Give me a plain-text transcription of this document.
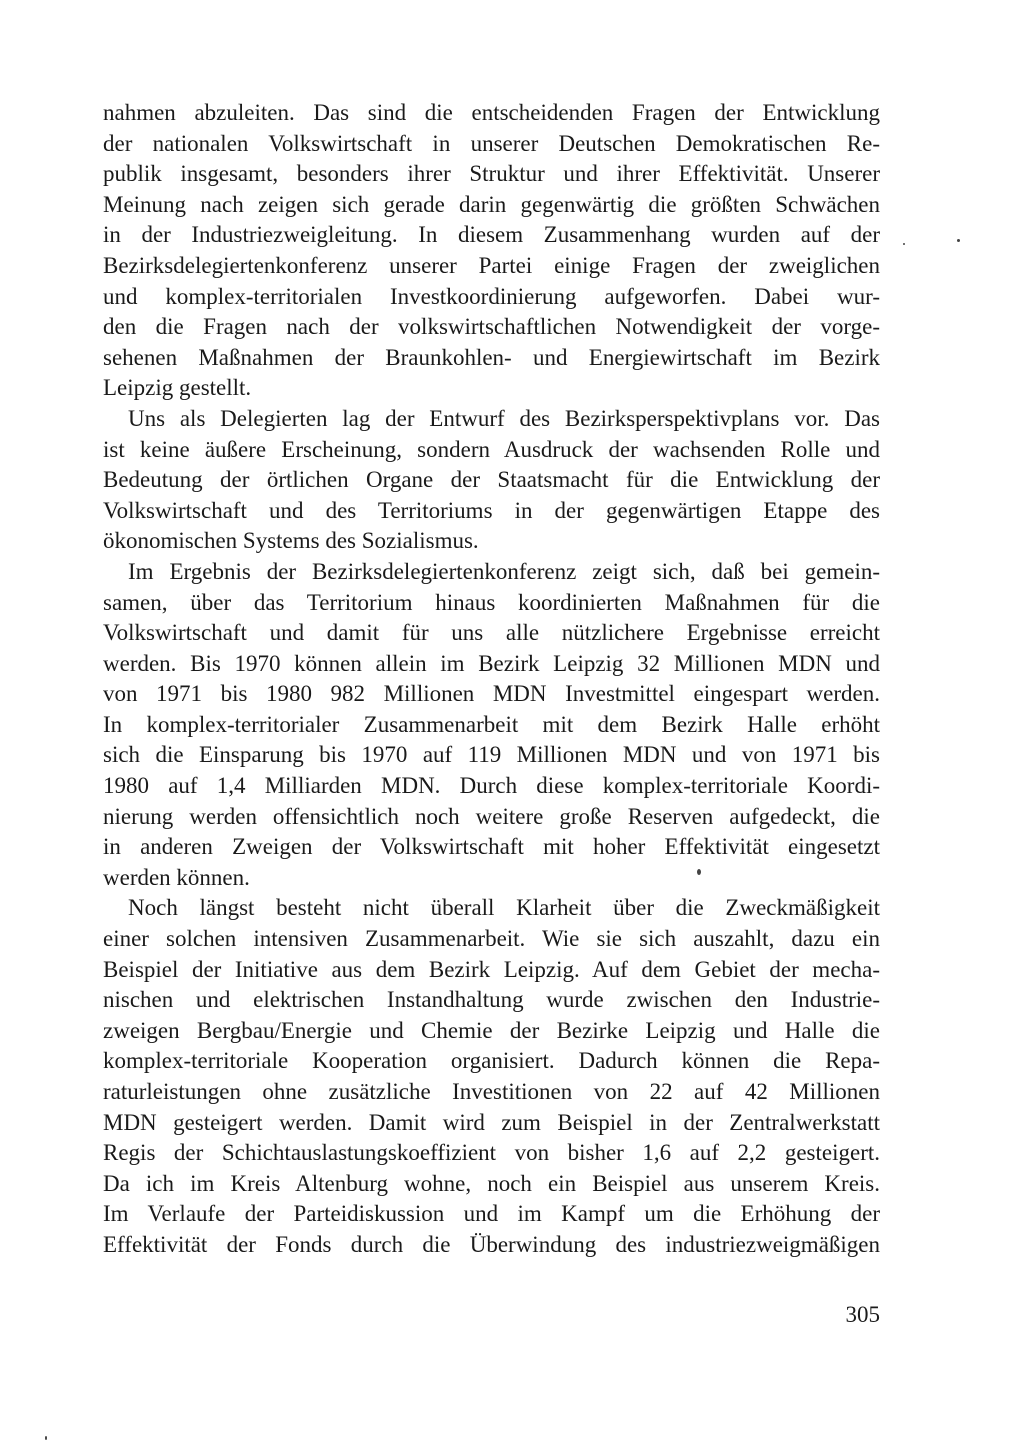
nahmen abzuleiten. Das sind die entscheidenden Fragen der Entwicklung
der nationalen Volkswirtschaft in unserer Deutschen Demokratischen Re-
publik insgesamt, besonders ihrer Struktur und ihrer Effektivität. Unserer
Meinung nach zeigen sich gerade darin gegenwärtig die größten Schwächen
in der Industriezweigleitung. In diesem Zusammenhang wurden auf der
Bezirksdelegiertenkonferenz unserer Partei einige Fragen der zweiglichen
und komplex-territorialen Investkoordinierung aufgeworfen. Dabei wur-
den die Fragen nach der volkswirtschaftlichen Notwendigkeit der vorge-
sehenen Maßnahmen der Braunkohlen- und Energiewirtschaft im Bezirk
Leipzig gestellt.
Uns als Delegierten lag der Entwurf des Bezirksperspektivplans vor. Das
ist keine äußere Erscheinung, sondern Ausdruck der wachsenden Rolle und
Bedeutung der örtlichen Organe der Staatsmacht für die Entwicklung der
Volkswirtschaft und des Territoriums in der gegenwärtigen Etappe des
ökonomischen Systems des Sozialismus.
Im Ergebnis der Bezirksdelegiertenkonferenz zeigt sich, daß bei gemein-
samen, über das Territorium hinaus koordinierten Maßnahmen für die
Volkswirtschaft und damit für uns alle nützlichere Ergebnisse erreicht
werden. Bis 1970 können allein im Bezirk Leipzig 32 Millionen MDN und
von 1971 bis 1980 982 Millionen MDN Investmittel eingespart werden.
In komplex-territorialer Zusammenarbeit mit dem Bezirk Halle erhöht
sich die Einsparung bis 1970 auf 119 Millionen MDN und von 1971 bis
1980 auf 1,4 Milliarden MDN. Durch diese komplex-territoriale Koordi-
nierung werden offensichtlich noch weitere große Reserven aufgedeckt, die
in anderen Zweigen der Volkswirtschaft mit hoher Effektivität eingesetzt
werden können.
Noch längst besteht nicht überall Klarheit über die Zweckmäßigkeit
einer solchen intensiven Zusammenarbeit. Wie sie sich auszahlt, dazu ein
Beispiel der Initiative aus dem Bezirk Leipzig. Auf dem Gebiet der mecha-
nischen und elektrischen Instandhaltung wurde zwischen den Industrie-
zweigen Bergbau/Energie und Chemie der Bezirke Leipzig und Halle die
komplex-territoriale Kooperation organisiert. Dadurch können die Repa-
raturleistungen ohne zusätzliche Investitionen von 22 auf 42 Millionen
MDN gesteigert werden. Damit wird zum Beispiel in der Zentralwerkstatt
Regis der Schichtauslastungskoeffizient von bisher 1,6 auf 2,2 gesteigert.
Da ich im Kreis Altenburg wohne, noch ein Beispiel aus unserem Kreis.
Im Verlaufe der Parteidiskussion und im Kampf um die Erhöhung der
Effektivität der Fonds durch die Überwindung des industriezweigmäßigen
305
